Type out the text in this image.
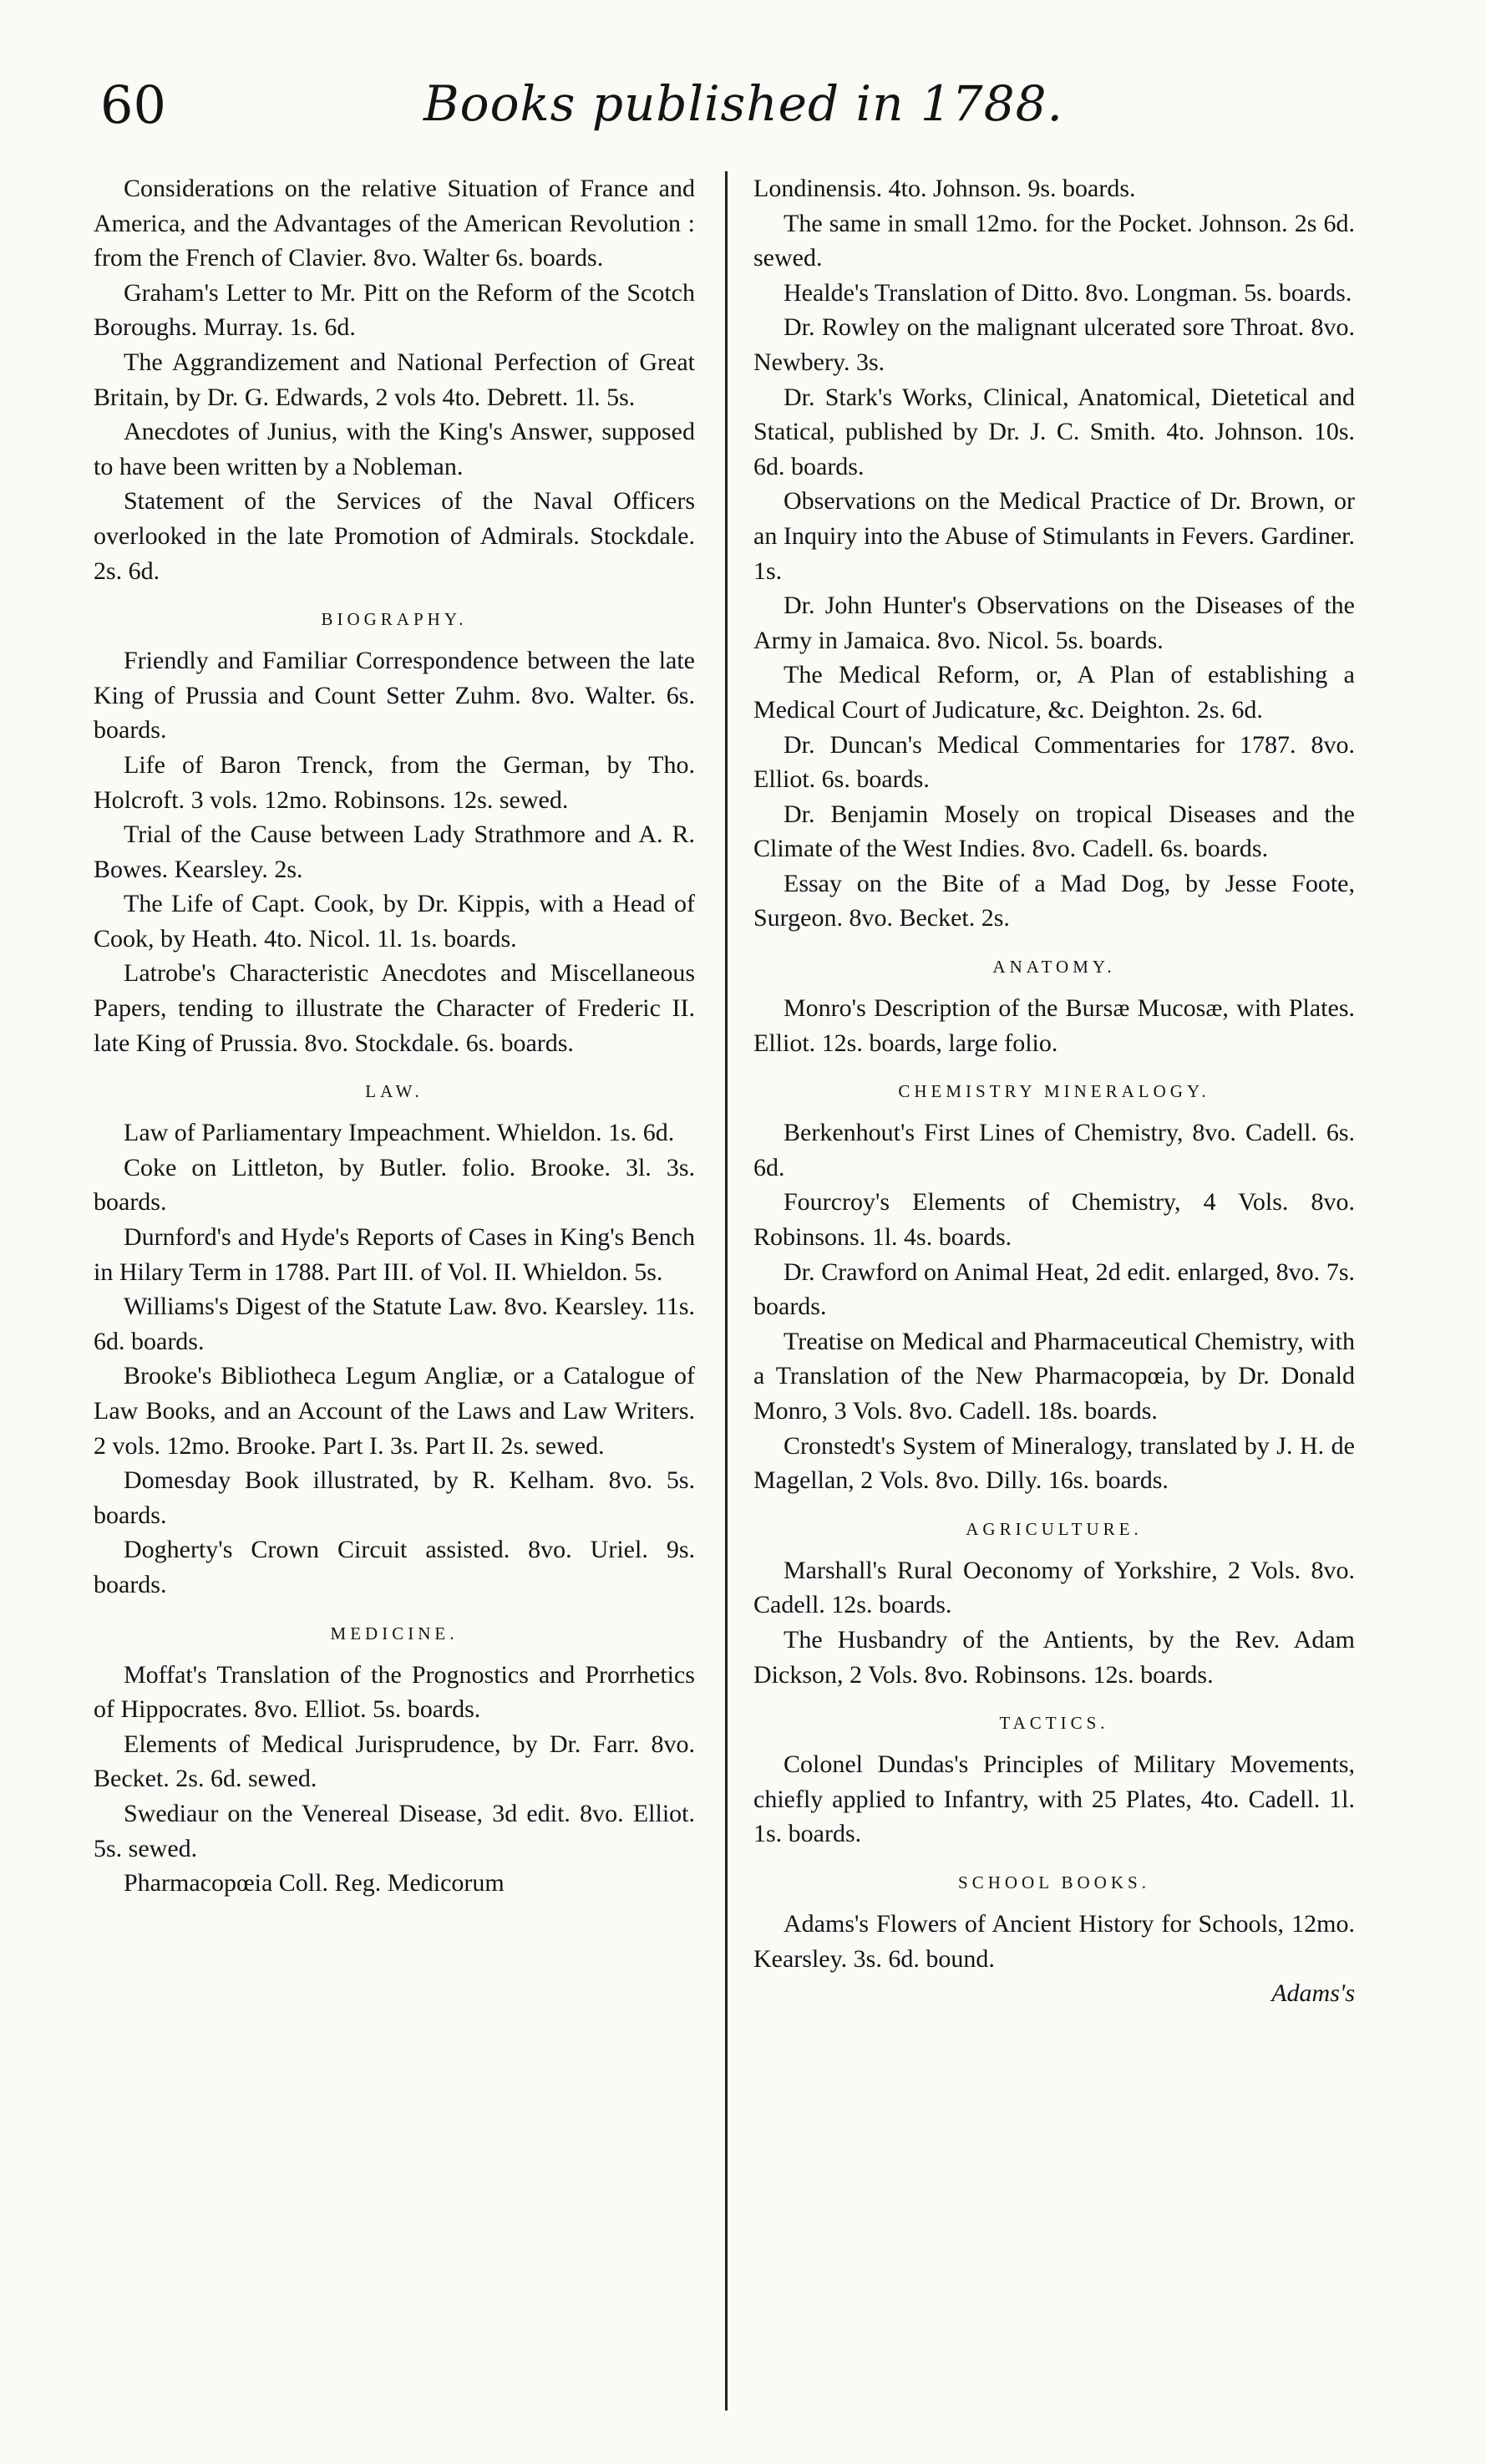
60	Books published in 1788.

Considerations on the relative Situation of France and America, and the Advantages of the American Revolution : from the French of Clavier. 8vo. Walter 6s. boards.

Graham's Letter to Mr. Pitt on the Reform of the Scotch Boroughs. Murray. 1s. 6d.

The Aggrandizement and National Perfection of Great Britain, by Dr. G. Edwards, 2 vols 4to. Debrett. 1l. 5s.

Anecdotes of Junius, with the King's Answer, supposed to have been written by a Nobleman.

Statement of the Services of the Naval Officers overlooked in the late Promotion of Admirals. Stockdale. 2s. 6d.

BIOGRAPHY.

Friendly and Familiar Correspondence between the late King of Prussia and Count Setter Zuhm. 8vo. Walter. 6s. boards.

Life of Baron Trenck, from the German, by Tho. Holcroft. 3 vols. 12mo. Robinsons. 12s. sewed.

Trial of the Cause between Lady Strathmore and A. R. Bowes. Kearsley. 2s.

The Life of Capt. Cook, by Dr. Kippis, with a Head of Cook, by Heath. 4to. Nicol. 1l. 1s. boards.

Latrobe's Characteristic Anecdotes and Miscellaneous Papers, tending to illustrate the Character of Frederic II. late King of Prussia. 8vo. Stockdale. 6s. boards.

LAW.

Law of Parliamentary Impeachment. Whieldon. 1s. 6d.

Coke on Littleton, by Butler. folio. Brooke. 3l. 3s. boards.

Durnford's and Hyde's Reports of Cases in King's Bench in Hilary Term in 1788. Part III. of Vol. II. Whieldon. 5s.

Williams's Digest of the Statute Law. 8vo. Kearsley. 11s. 6d. boards.

Brooke's Bibliotheca Legum Angliæ, or a Catalogue of Law Books, and an Account of the Laws and Law Writers. 2 vols. 12mo. Brooke. Part I. 3s. Part II. 2s. sewed.

Domesday Book illustrated, by R. Kelham. 8vo. 5s. boards.

Dogherty's Crown Circuit assisted. 8vo. Uriel. 9s. boards.

MEDICINE.

Moffat's Translation of the Prognostics and Prorrhetics of Hippocrates. 8vo. Elliot. 5s. boards.

Elements of Medical Jurisprudence, by Dr. Farr. 8vo. Becket. 2s. 6d. sewed.

Swediaur on the Venereal Disease, 3d edit. 8vo. Elliot. 5s. sewed.

Pharmacopœia Coll. Reg. Medicorum

Londinensis. 4to. Johnson. 9s. boards.

The same in small 12mo. for the Pocket. Johnson. 2s 6d. sewed.

Healde's Translation of Ditto. 8vo. Longman. 5s. boards.

Dr. Rowley on the malignant ulcerated sore Throat. 8vo. Newbery. 3s.

Dr. Stark's Works, Clinical, Anatomical, Dietetical and Statical, published by Dr. J. C. Smith. 4to. Johnson. 10s. 6d. boards.

Observations on the Medical Practice of Dr. Brown, or an Inquiry into the Abuse of Stimulants in Fevers. Gardiner. 1s.

Dr. John Hunter's Observations on the Diseases of the Army in Jamaica. 8vo. Nicol. 5s. boards.

The Medical Reform, or, A Plan of establishing a Medical Court of Judicature, &c. Deighton. 2s. 6d.

Dr. Duncan's Medical Commentaries for 1787. 8vo. Elliot. 6s. boards.

Dr. Benjamin Mosely on tropical Diseases and the Climate of the West Indies. 8vo. Cadell. 6s. boards.

Essay on the Bite of a Mad Dog, by Jesse Foote, Surgeon. 8vo. Becket. 2s.

ANATOMY.

Monro's Description of the Bursæ Mucosæ, with Plates. Elliot. 12s. boards, large folio.

CHEMISTRY MINERALOGY.

Berkenhout's First Lines of Chemistry, 8vo. Cadell. 6s. 6d.

Fourcroy's Elements of Chemistry, 4 Vols. 8vo. Robinsons. 1l. 4s. boards.

Dr. Crawford on Animal Heat, 2d edit. enlarged, 8vo. 7s. boards.

Treatise on Medical and Pharmaceutical Chemistry, with a Translation of the New Pharmacopœia, by Dr. Donald Monro, 3 Vols. 8vo. Cadell. 18s. boards.

Cronstedt's System of Mineralogy, translated by J. H. de Magellan, 2 Vols. 8vo. Dilly. 16s. boards.

AGRICULTURE.

Marshall's Rural Oeconomy of Yorkshire, 2 Vols. 8vo. Cadell. 12s. boards.

The Husbandry of the Antients, by the Rev. Adam Dickson, 2 Vols. 8vo. Robinsons. 12s. boards.

TACTICS.

Colonel Dundas's Principles of Military Movements, chiefly applied to Infantry, with 25 Plates, 4to. Cadell. 1l. 1s. boards.

SCHOOL BOOKS.

Adams's Flowers of Ancient History for Schools, 12mo. Kearsley. 3s. 6d. bound.

Adams's
